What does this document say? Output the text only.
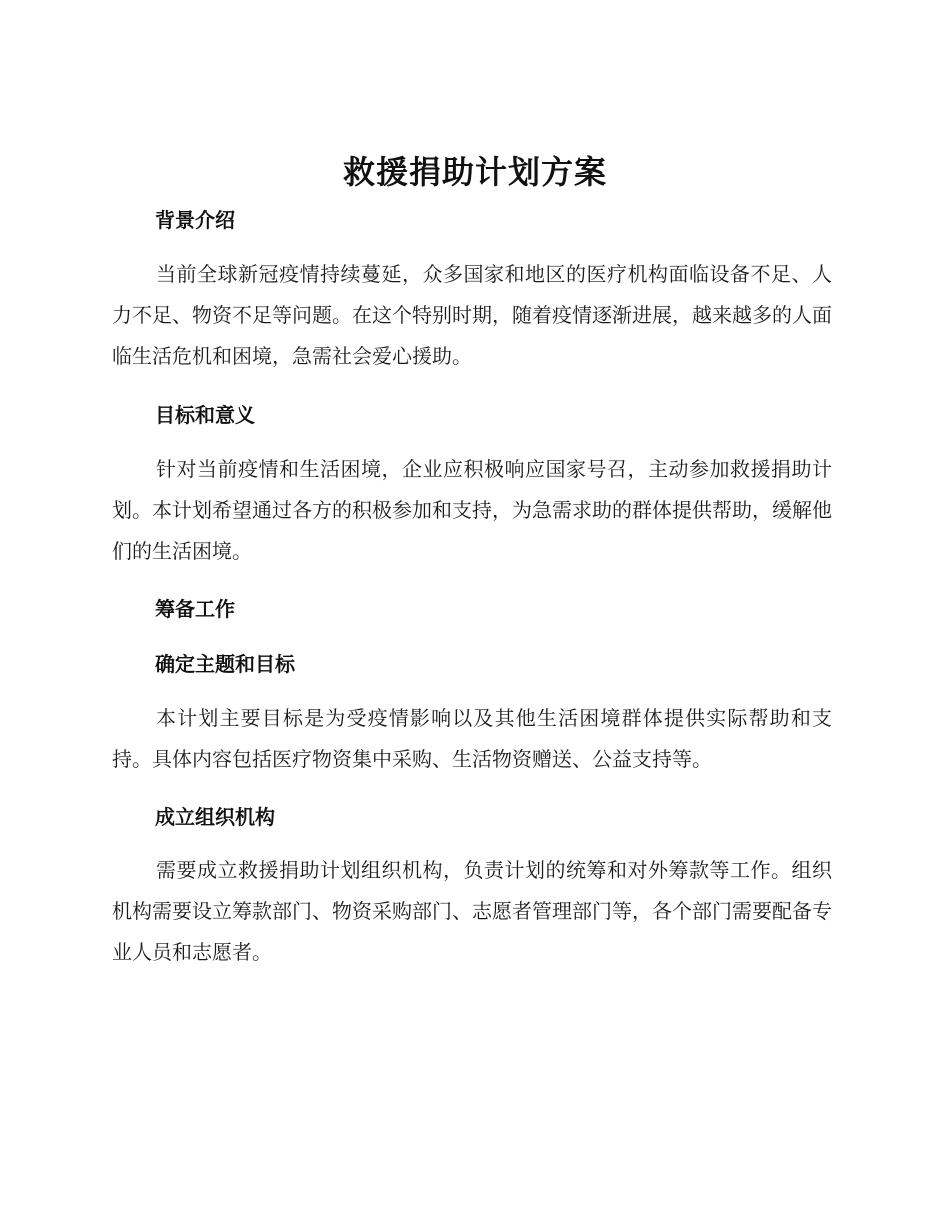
救援捐助计划方案
背景介绍
当前全球新冠疫情持续蔓延，众多国家和地区的医疗机构面临设备不足、人力不足、物资不足等问题。在这个特别时期，随着疫情逐渐进展，越来越多的人面临生活危机和困境，急需社会爱心援助。
目标和意义
针对当前疫情和生活困境，企业应积极响应国家号召，主动参加救援捐助计划。本计划希望通过各方的积极参加和支持，为急需求助的群体提供帮助，缓解他们的生活困境。
筹备工作
确定主题和目标
本计划主要目标是为受疫情影响以及其他生活困境群体提供实际帮助和支持。具体内容包括医疗物资集中采购、生活物资赠送、公益支持等。
成立组织机构
需要成立救援捐助计划组织机构，负责计划的统筹和对外筹款等工作。组织机构需要设立筹款部门、物资采购部门、志愿者管理部门等，各个部门需要配备专业人员和志愿者。
